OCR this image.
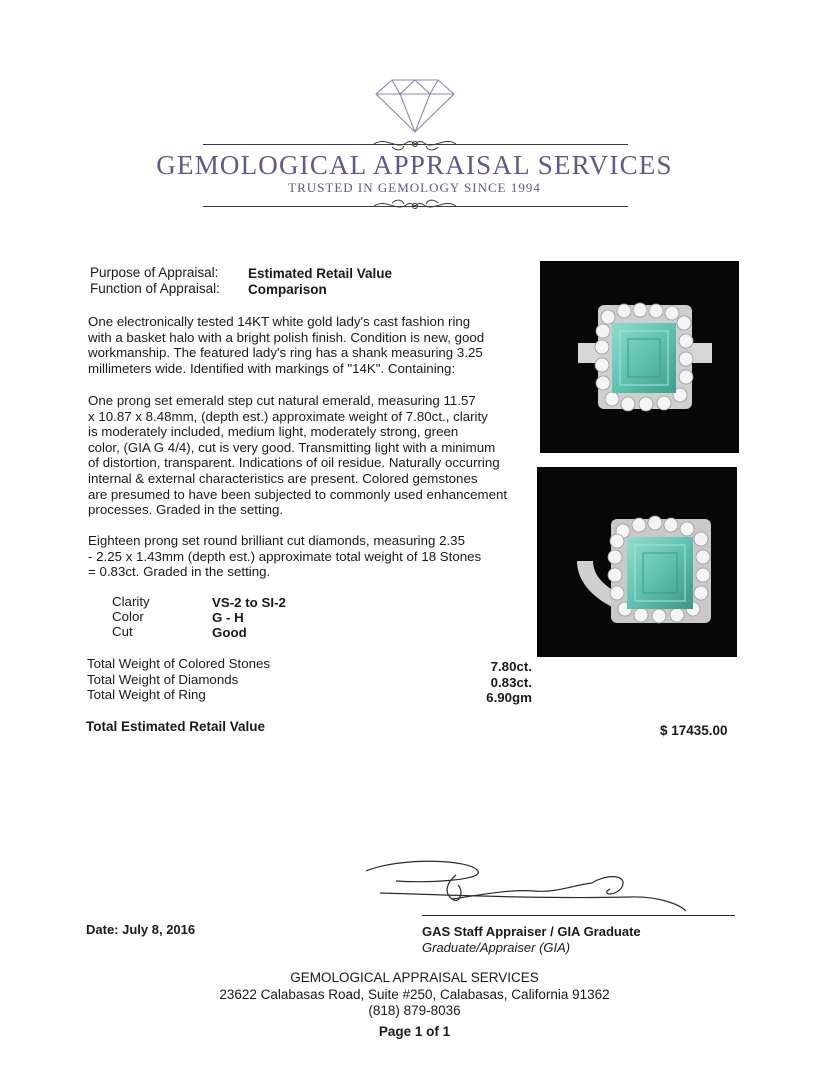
GEMOLOGICAL APPRAISAL SERVICES
TRUSTED IN GEMOLOGY SINCE 1994
Purpose of Appraisal: Estimated Retail Value
Function of Appraisal: Comparison
One electronically tested 14KT white gold lady's cast fashion ring
with a basket halo with a bright polish finish. Condition is new, good
workmanship. The featured lady's ring has a shank measuring 3.25
millimeters wide. Identified with markings of "14K". Containing:
One prong set emerald step cut natural emerald, measuring 11.57
x 10.87 x 8.48mm, (depth est.) approximate weight of 7.80ct., clarity
is moderately included, medium light, moderately strong, green
color, (GIA G 4/4), cut is very good. Transmitting light with a minimum
of distortion, transparent. Indications of oil residue. Naturally occurring
internal & external characteristics are present. Colored gemstones
are presumed to have been subjected to commonly used enhancement
processes. Graded in the setting.
Eighteen prong set round brilliant cut diamonds, measuring 2.35
- 2.25 x 1.43mm (depth est.) approximate total weight of 18 Stones
= 0.83ct. Graded in the setting.
Clarity	VS-2 to SI-2
Color	G - H
Cut	Good
Total Weight of Colored Stones	7.80ct.
Total Weight of Diamonds	0.83ct.
Total Weight of Ring	6.90gm
Total Estimated Retail Value	$ 17435.00
Date: July 8, 2016	GAS Staff Appraiser / GIA Graduate
Graduate/Appraiser (GIA)
GEMOLOGICAL APPRAISAL SERVICES
23622 Calabasas Road, Suite #250, Calabasas, California 91362
(818) 879-8036
Page 1 of 1
